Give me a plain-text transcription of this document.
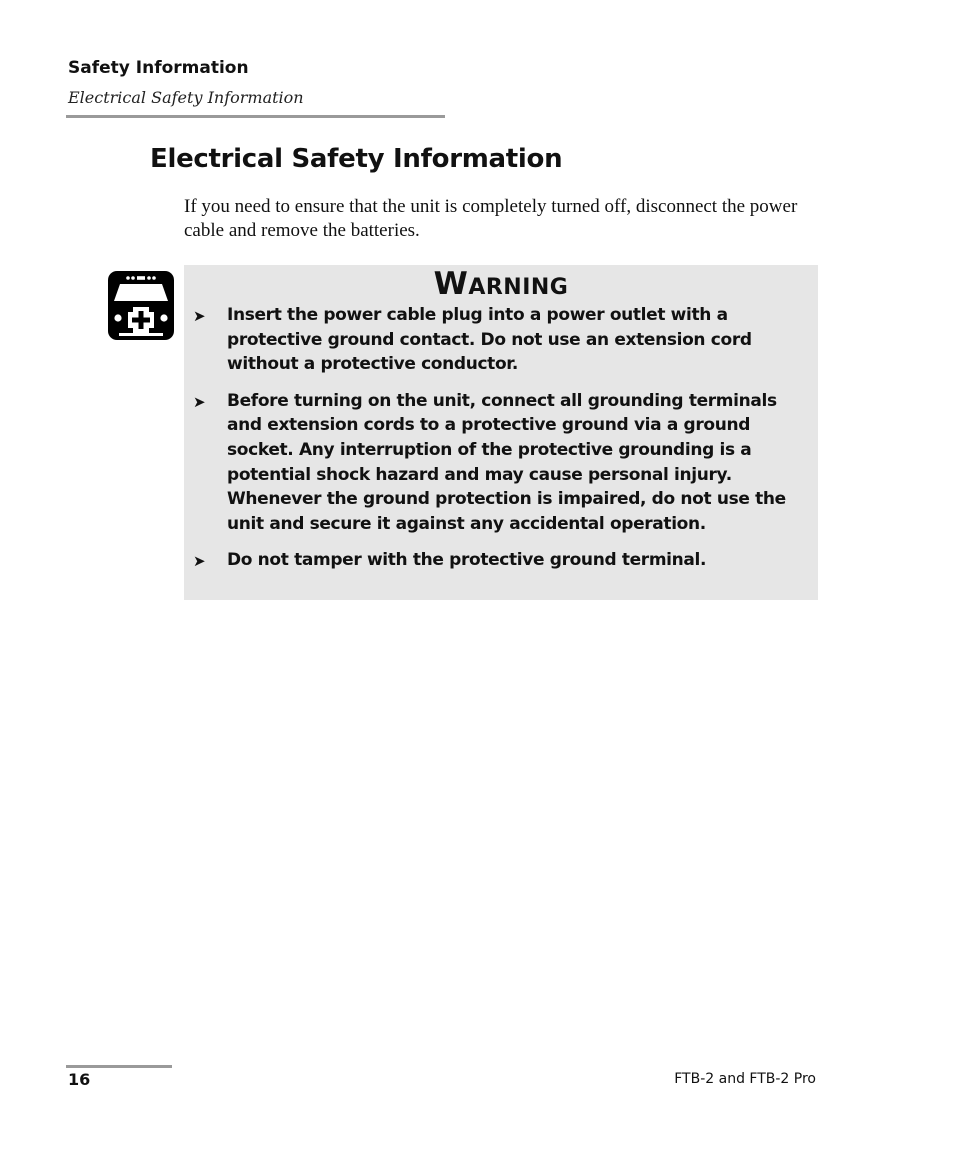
Safety Information
Electrical Safety Information
Electrical Safety Information

If you need to ensure that the unit is completely turned off, disconnect the power cable and remove the batteries.

Warning
➤ Insert the power cable plug into a power outlet with a protective ground contact. Do not use an extension cord without a protective conductor.
➤ Before turning on the unit, connect all grounding terminals and extension cords to a protective ground via a ground socket. Any interruption of the protective grounding is a potential shock hazard and may cause personal injury. Whenever the ground protection is impaired, do not use the unit and secure it against any accidental operation.
➤ Do not tamper with the protective ground terminal.
16	FTB-2 and FTB-2 Pro
